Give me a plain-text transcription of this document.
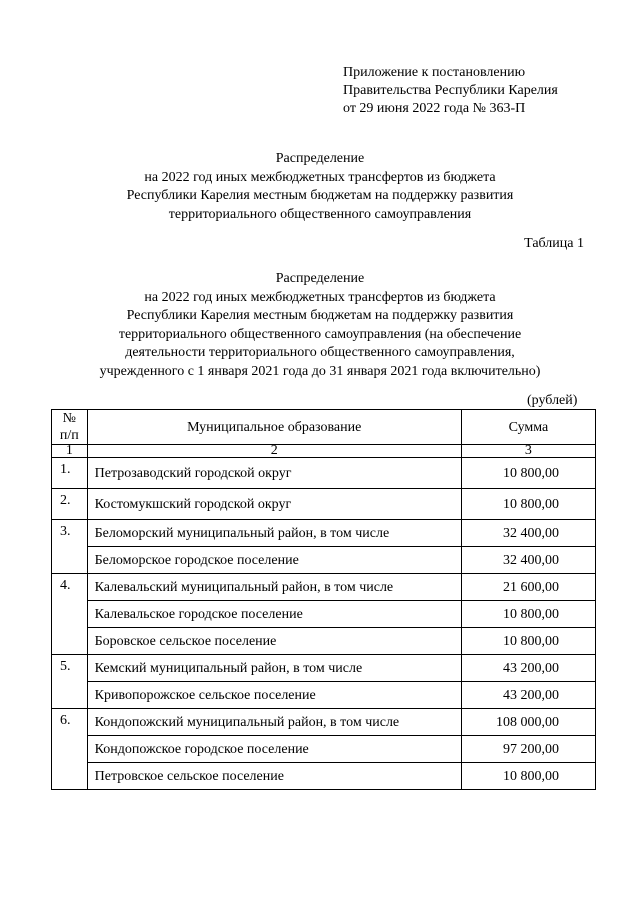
Приложение к постановлению
Правительства Республики Карелия
от 29 июня 2022 года № 363-П
Распределение
на 2022 год иных межбюджетных трансфертов из бюджета
Республики Карелия местным бюджетам на поддержку развития
территориального общественного самоуправления
Таблица 1
Распределение
на 2022 год иных межбюджетных трансфертов из бюджета
Республики Карелия местным бюджетам на поддержку развития
территориального общественного самоуправления (на обеспечение
деятельности территориального общественного самоуправления,
учрежденного с 1 января 2021 года до 31 января 2021 года включительно)
(рублей)
№
п/п	Муниципальное образование	Сумма
1	2	3
1.	Петрозаводский городской округ	10 800,00
2.	Костомукшский городской округ	10 800,00
3.	Беломорский муниципальный район, в том числе	32 400,00
	Беломорское городское поселение	32 400,00
4.	Калевальский муниципальный район, в том числе	21 600,00
	Калевальское городское поселение	10 800,00
	Боровское сельское поселение	10 800,00
5.	Кемский муниципальный район, в том числе	43 200,00
	Кривопорожское сельское поселение	43 200,00
6.	Кондопожский муниципальный район, в том числе	108 000,00
	Кондопожское городское поселение	97 200,00
	Петровское сельское поселение	10 800,00
